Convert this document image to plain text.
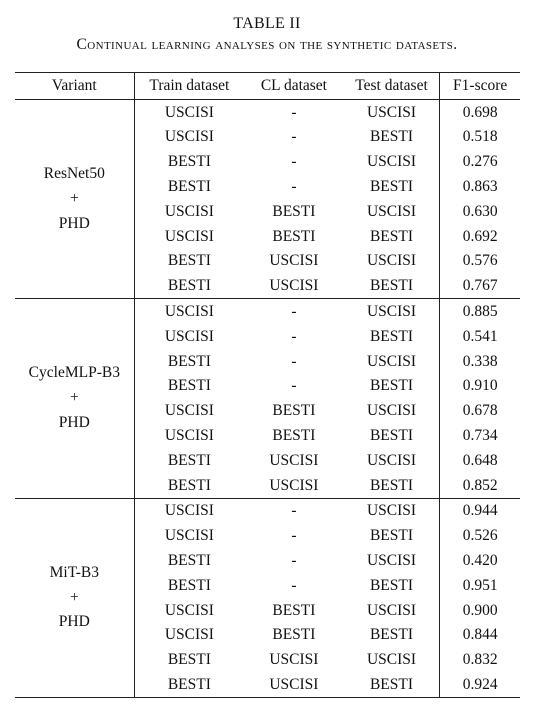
TABLE II
Continual learning analyses on the synthetic datasets.
Variant	Train dataset	CL dataset	Test dataset	F1-score

ResNet50
+
PHD	USCISI	-	USCISI	0.698
	USCISI	-	BESTI	0.518
	BESTI	-	USCISI	0.276
	BESTI	-	BESTI	0.863
	USCISI	BESTI	USCISI	0.630
	USCISI	BESTI	BESTI	0.692
	BESTI	USCISI	USCISI	0.576
	BESTI	USCISI	BESTI	0.767

CycleMLP-B3
+
PHD	USCISI	-	USCISI	0.885
	USCISI	-	BESTI	0.541
	BESTI	-	USCISI	0.338
	BESTI	-	BESTI	0.910
	USCISI	BESTI	USCISI	0.678
	USCISI	BESTI	BESTI	0.734
	BESTI	USCISI	USCISI	0.648
	BESTI	USCISI	BESTI	0.852

MiT-B3
+
PHD	USCISI	-	USCISI	0.944
	USCISI	-	BESTI	0.526
	BESTI	-	USCISI	0.420
	BESTI	-	BESTI	0.951
	USCISI	BESTI	USCISI	0.900
	USCISI	BESTI	BESTI	0.844
	BESTI	USCISI	USCISI	0.832
	BESTI	USCISI	BESTI	0.924
